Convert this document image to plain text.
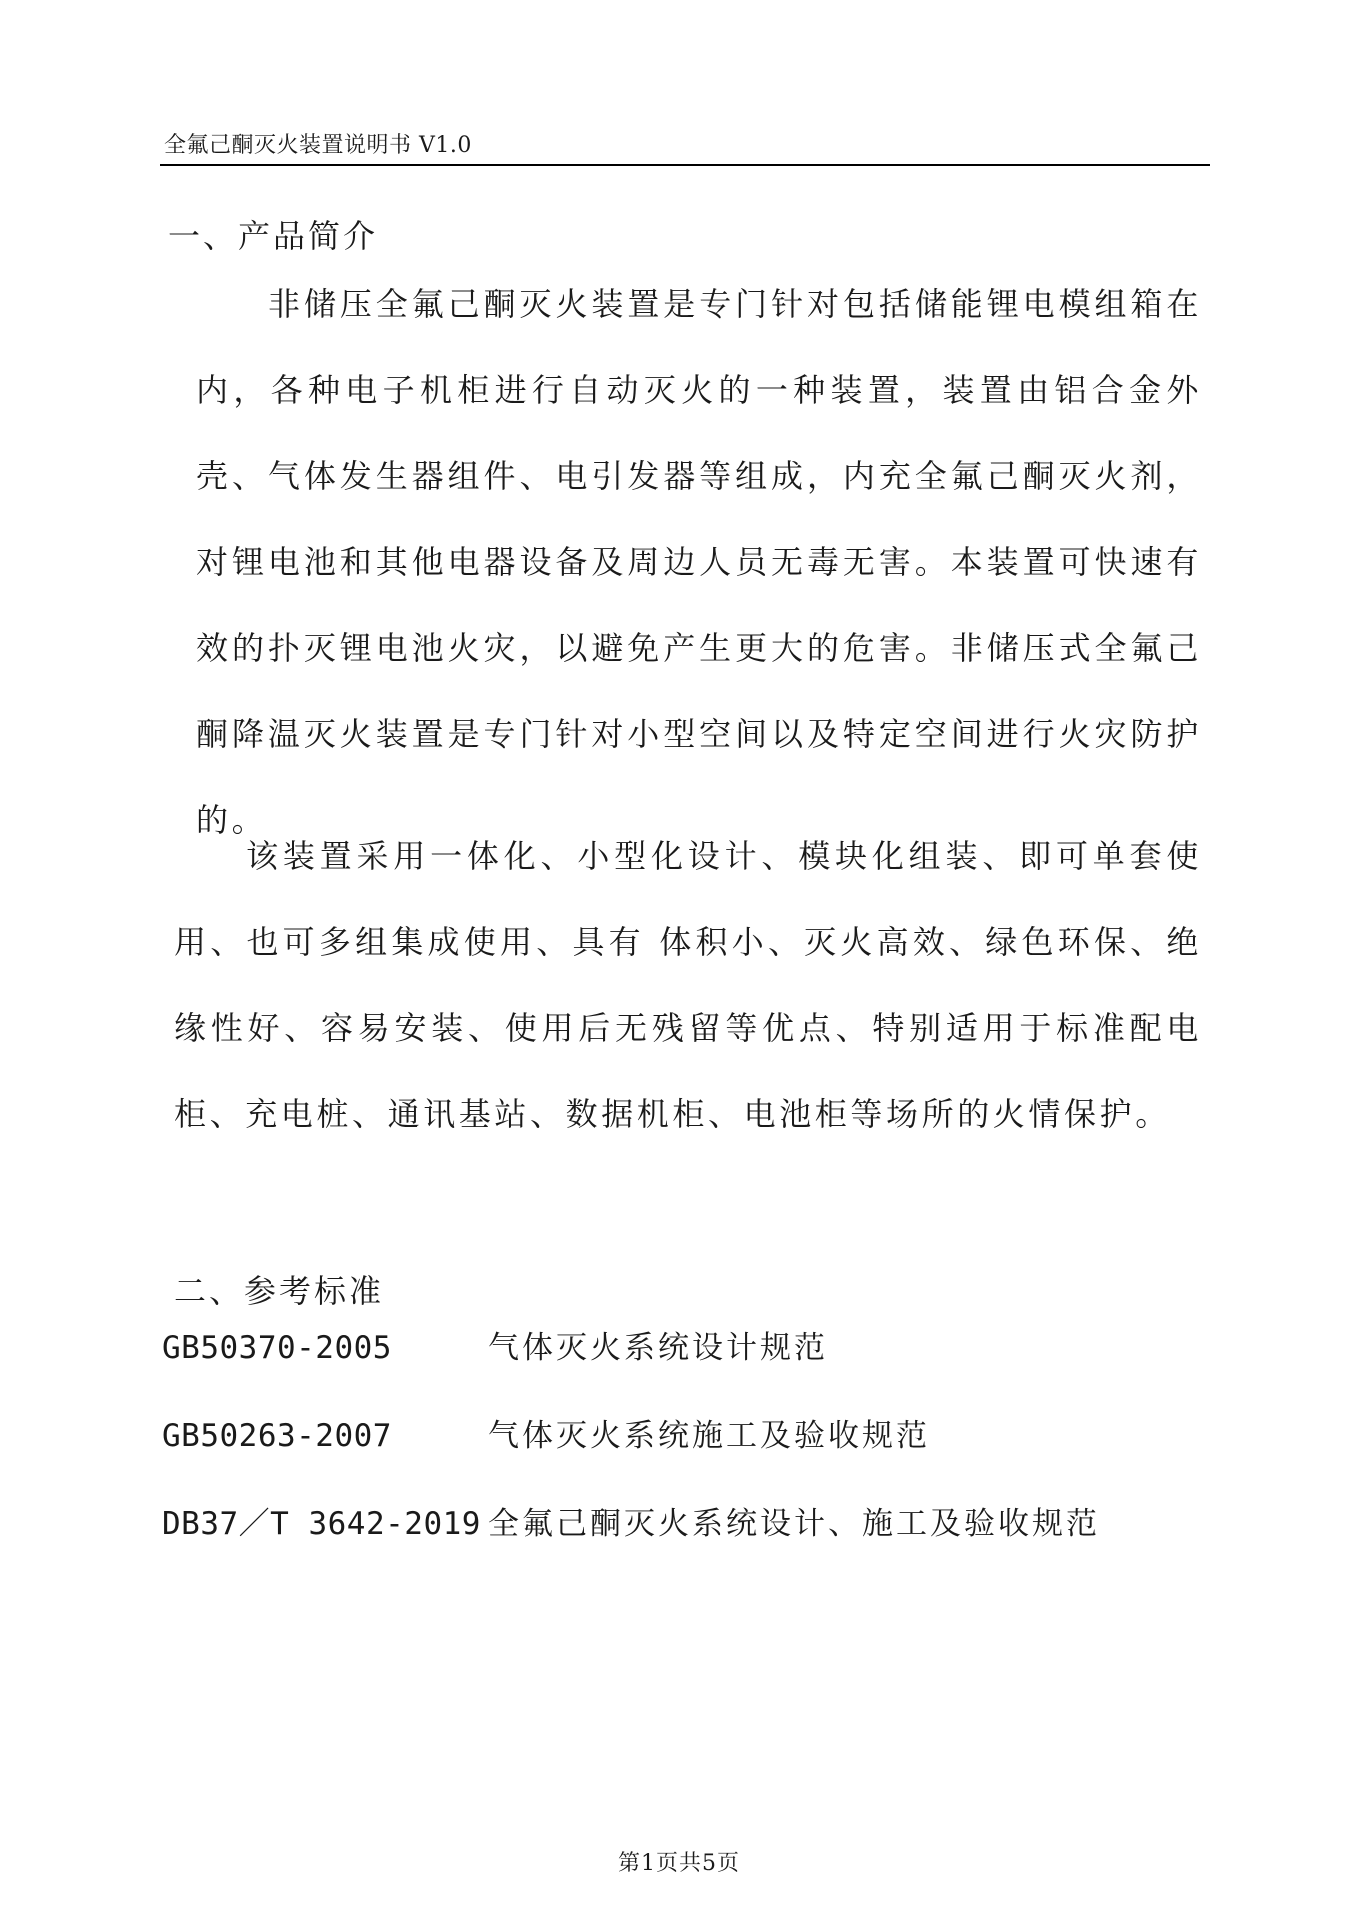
全氟己酮灭火装置说明书 V1.0
一、产品简介

非储压全氟己酮灭火装置是专门针对包括储能锂电模组箱在内，各种电子机柜进行自动灭火的一种装置，装置由铝合金外壳、气体发生器组件、电引发器等组成，内充全氟己酮灭火剂，对锂电池和其他电器设备及周边人员无毒无害。本装置可快速有效的扑灭锂电池火灾，以避免产生更大的危害。非储压式全氟己酮降温灭火装置是专门针对小型空间以及特定空间进行火灾防护的。

该装置采用一体化、小型化设计、模块化组装、即可单套使用、也可多组集成使用、具有 体积小、灭火高效、绿色环保、绝缘性好、容易安装、使用后无残留等优点、特别适用于标准配电柜、充电桩、通讯基站、数据机柜、电池柜等场所的火情保护。

二、参考标准
GB50370-2005	气体灭火系统设计规范
GB50263-2007	气体灭火系统施工及验收规范
DB37／T 3642-2019 全氟己酮灭火系统设计、施工及验收规范
第1页共5页
